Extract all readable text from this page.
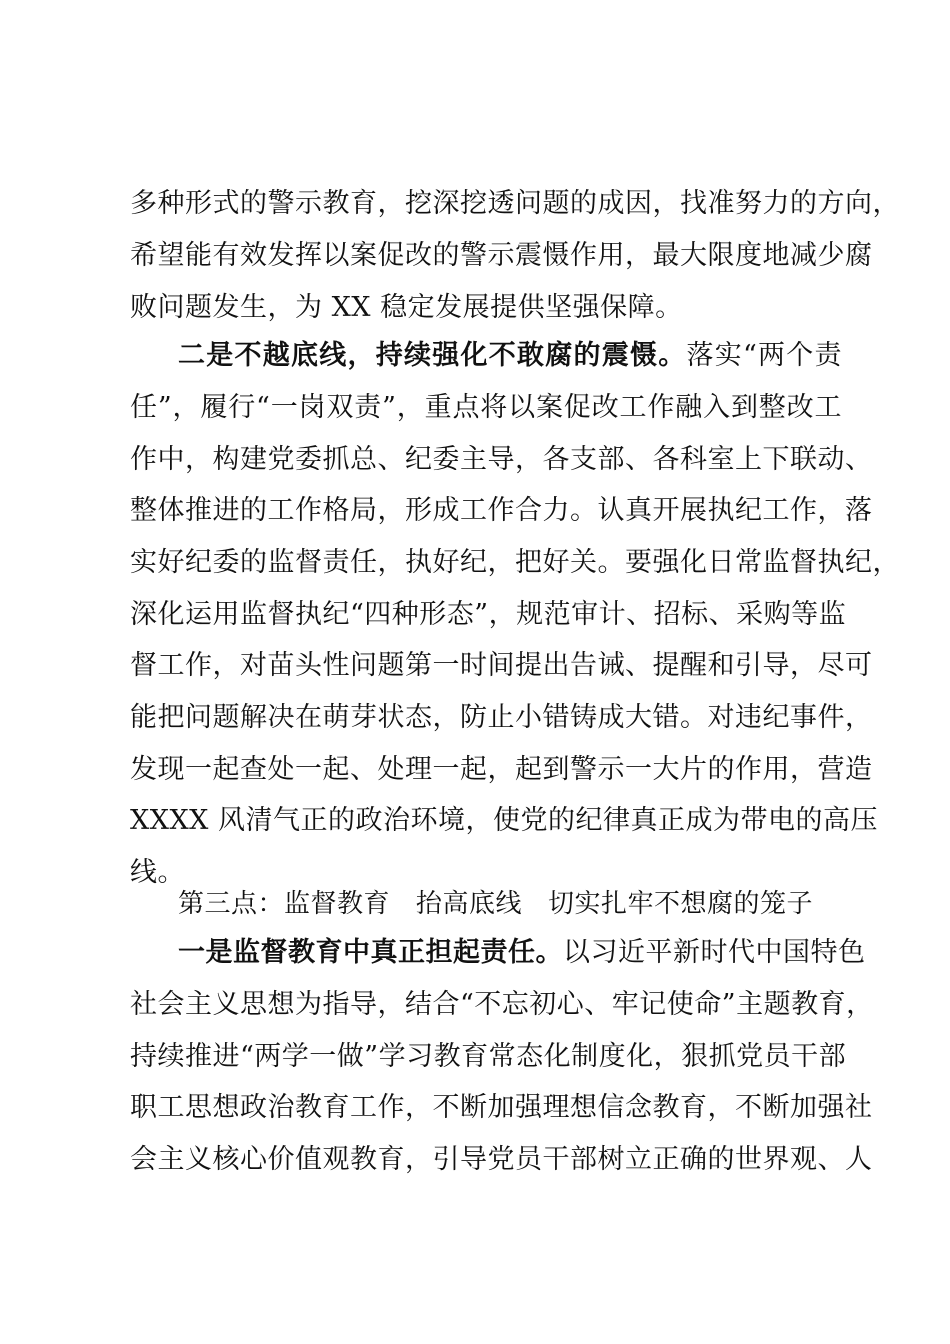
多种形式的警示教育，挖深挖透问题的成因，找准努力的方向，
希望能有效发挥以案促改的警示震慑作用，最大限度地减少腐
败问题发生，为 XX 稳定发展提供坚强保障。
二是不越底线，持续强化不敢腐的震慑。落实“两个责
任”，履行“一岗双责”，重点将以案促改工作融入到整改工
作中，构建党委抓总、纪委主导，各支部、各科室上下联动、
整体推进的工作格局，形成工作合力。认真开展执纪工作，落
实好纪委的监督责任，执好纪，把好关。要强化日常监督执纪，
深化运用监督执纪“四种形态”，规范审计、招标、采购等监
督工作，对苗头性问题第一时间提出告诫、提醒和引导，尽可
能把问题解决在萌芽状态，防止小错铸成大错。对违纪事件，
发现一起查处一起、处理一起，起到警示一大片的作用，营造
XXXX 风清气正的政治环境，使党的纪律真正成为带电的高压
线。
第三点：监督教育 抬高底线 切实扎牢不想腐的笼子
一是监督教育中真正担起责任。以习近平新时代中国特色
社会主义思想为指导，结合“不忘初心、牢记使命”主题教育，
持续推进“两学一做”学习教育常态化制度化，狠抓党员干部
职工思想政治教育工作，不断加强理想信念教育，不断加强社
会主义核心价值观教育，引导党员干部树立正确的世界观、人
